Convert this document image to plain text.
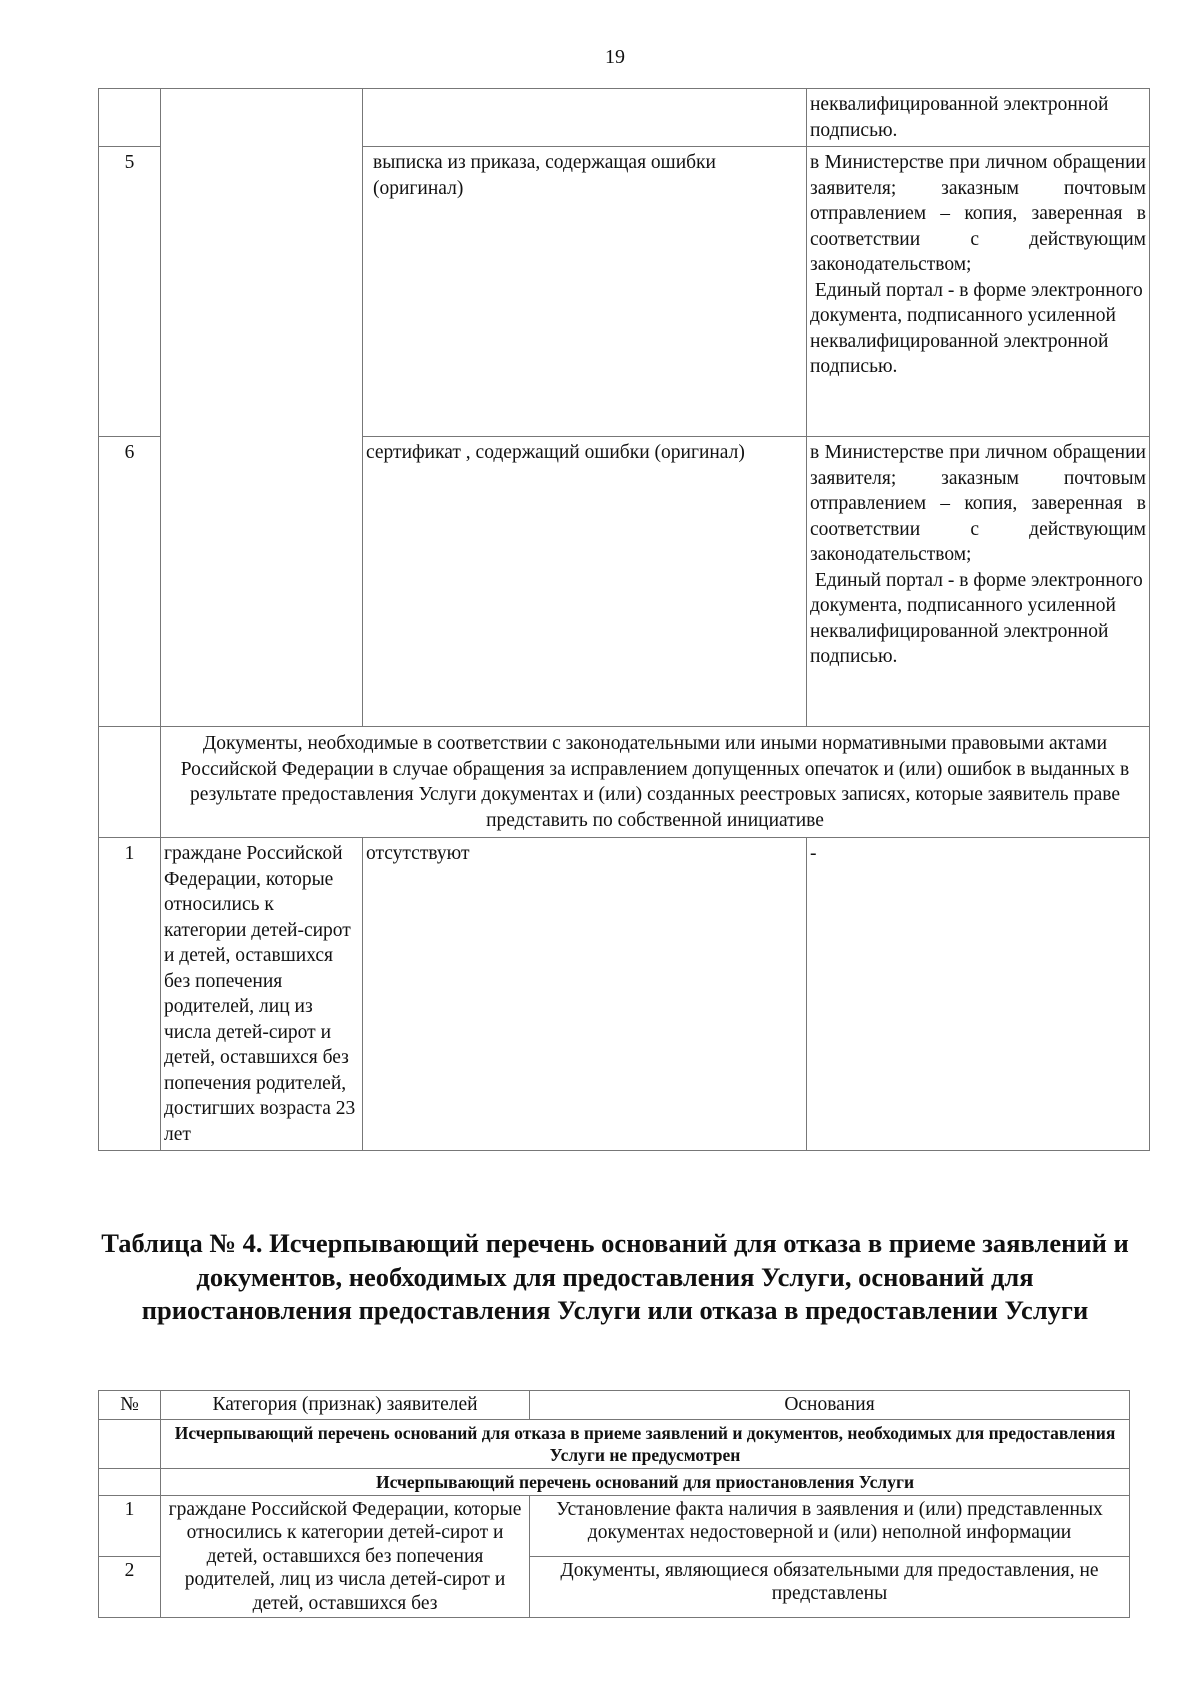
19
			неквалифицированной электронной подписью.
5		выписка из приказа, содержащая ошибки (оригинал)	в Министерстве при личном обращении заявителя; заказным почтовым отправлением – копия, заверенная в соответствии с действующим законодательством;
Единый портал - в форме электронного документа, подписанного усиленной неквалифицированной электронной подписью.

6		сертификат , содержащий ошибки (оригинал)	в Министерстве при личном обращении заявителя; заказным почтовым отправлением – копия, заверенная в соответствии с действующим законодательством;
Единый портал - в форме электронного документа, подписанного усиленной неквалифицированной электронной подписью.

	Документы, необходимые в соответствии с законодательными или иными нормативными правовыми актами Российской Федерации в случае обращения за исправлением допущенных опечаток и (или) ошибок в выданных в результате предоставления Услуги документах и (или) созданных реестровых записях, которые заявитель праве представить по собственной инициативе		
1	граждане Российской Федерации, которые относились к категории детей-сирот и детей, оставшихся без попечения родителей, лиц из числа детей-сирот и детей, оставшихся без попечения родителей, достигших возраста 23 лет	отсутствуют	-
Таблица № 4. Исчерпывающий перечень оснований для отказа в приеме заявлений и документов, необходимых для предоставления Услуги, оснований для приостановления предоставления Услуги или отказа в предоставлении Услуги
№	Категория (признак) заявителей	Основания
	Исчерпывающий перечень оснований для отказа в приеме заявлений и документов, необходимых для предоставления Услуги не предусмотрен	
	Исчерпывающий перечень оснований для приостановления Услуги	
1	граждане Российской Федерации, которые относились к категории детей-сирот и детей, оставшихся без попечения родителей, лиц из числа детей-сирот и детей, оставшихся без	Установление факта наличия в заявления и (или) представленных документах недостоверной и (или) неполной информации
2		Документы, являющиеся обязательными для предоставления, не представлены
